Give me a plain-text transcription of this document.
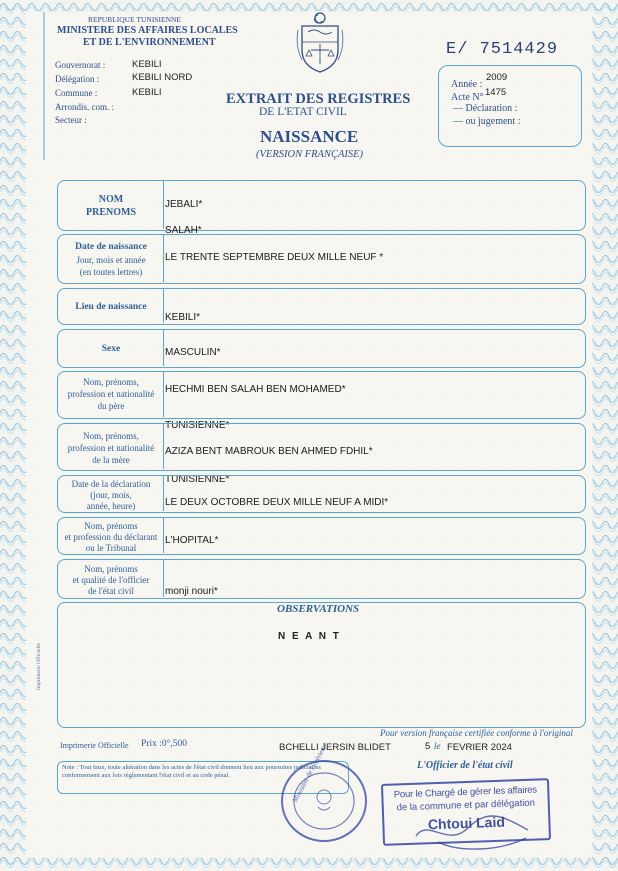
REPUBLIQUE TUNISIENNE
MINISTERE DES AFFAIRES LOCALES
ET DE L'ENVIRONNEMENT
Gouvernorat :	KEBILI
Délégation :	KEBILI NORD
Commune :	KEBILI
Arrondis. com. :
Secteur :
EXTRAIT DES REGISTRES
DE L'ETAT CIVIL
NAISSANCE
(VERSION FRANÇAISE)
E/ 7514429
Année :
2009
Acte N° 1475
— Déclaration :
— ou jugement :
NOM
PRENOMS
JEBALI*
SALAH*
Date de naissance
Jour, mois et année
(en toutes lettres)
LE TRENTE SEPTEMBRE DEUX MILLE NEUF *
Lieu de naissance
KEBILI*
Sexe	MASCULIN*
Nom, prénoms,
profession et nationalité
du père
HECHMI BEN SALAH BEN MOHAMED*
TUNISIENNE*
Nom, prénoms,
profession et nationalité
de la mère
AZIZA BENT MABROUK BEN AHMED FDHIL*
TUNISIENNE*
Date de la déclaration
(jour, mois,
année, heure)	LE DEUX OCTOBRE DEUX MILLE NEUF A MIDI*
Nom, prénoms
et profession du déclarant
ou le Tribunal
L'HOPITAL*
Nom, prénoms
et qualité de l'officier
de l'état civil	monji nouri*
OBSERVATIONS
N E A N T
Imprimerie Officielle
Pour version française certifiée conforme à l'original
Imprimerie Officielle Prix :0°,500	BCHELLI JERSIN BLIDET	5 le FEVRIER 2024
L'Officier de l'état civil
Note : Tout faux, toute altération dans les actes de l'état civil donnent lieu aux poursuites judiciaires conformement aux lois réglementant l'état civil et au code pénal.	Ministère de l'intérieur	Pour le Chargé de gérer les affaires
de la commune et par délégation
Chtoui Laid
